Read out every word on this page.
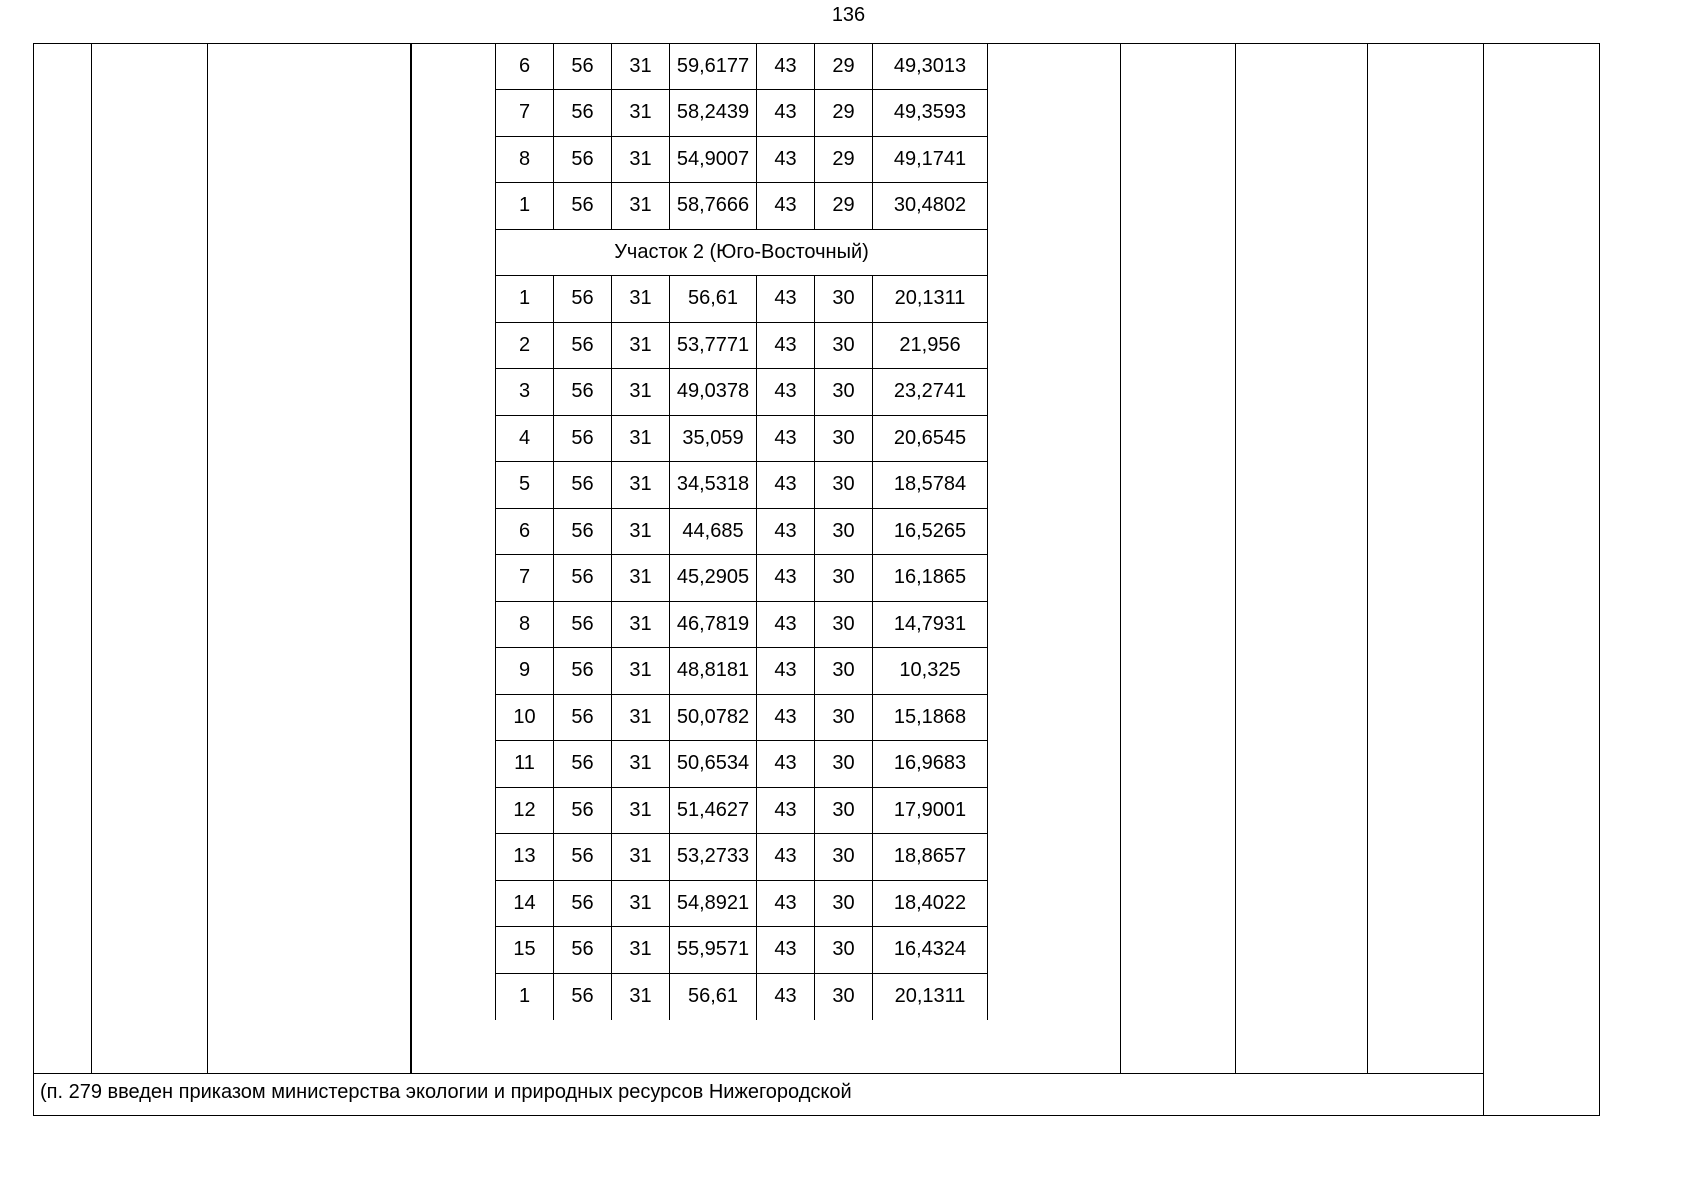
136
6	56	31	59,6177	43	29	49,3013
7	56	31	58,2439	43	29	49,3593
8	56	31	54,9007	43	29	49,1741
1	56	31	58,7666	43	29	30,4802
Участок 2 (Юго-Восточный)						
1	56	31	56,61	43	30	20,1311
2	56	31	53,7771	43	30	21,956
3	56	31	49,0378	43	30	23,2741
4	56	31	35,059	43	30	20,6545
5	56	31	34,5318	43	30	18,5784
6	56	31	44,685	43	30	16,5265
7	56	31	45,2905	43	30	16,1865
8	56	31	46,7819	43	30	14,7931
9	56	31	48,8181	43	30	10,325
10	56	31	50,0782	43	30	15,1868
11	56	31	50,6534	43	30	16,9683
12	56	31	51,4627	43	30	17,9001
13	56	31	53,2733	43	30	18,8657
14	56	31	54,8921	43	30	18,4022
15	56	31	55,9571	43	30	16,4324
1	56	31	56,61	43	30	20,1311
(п. 279 введен приказом министерства экологии и природных ресурсов Нижегородской
